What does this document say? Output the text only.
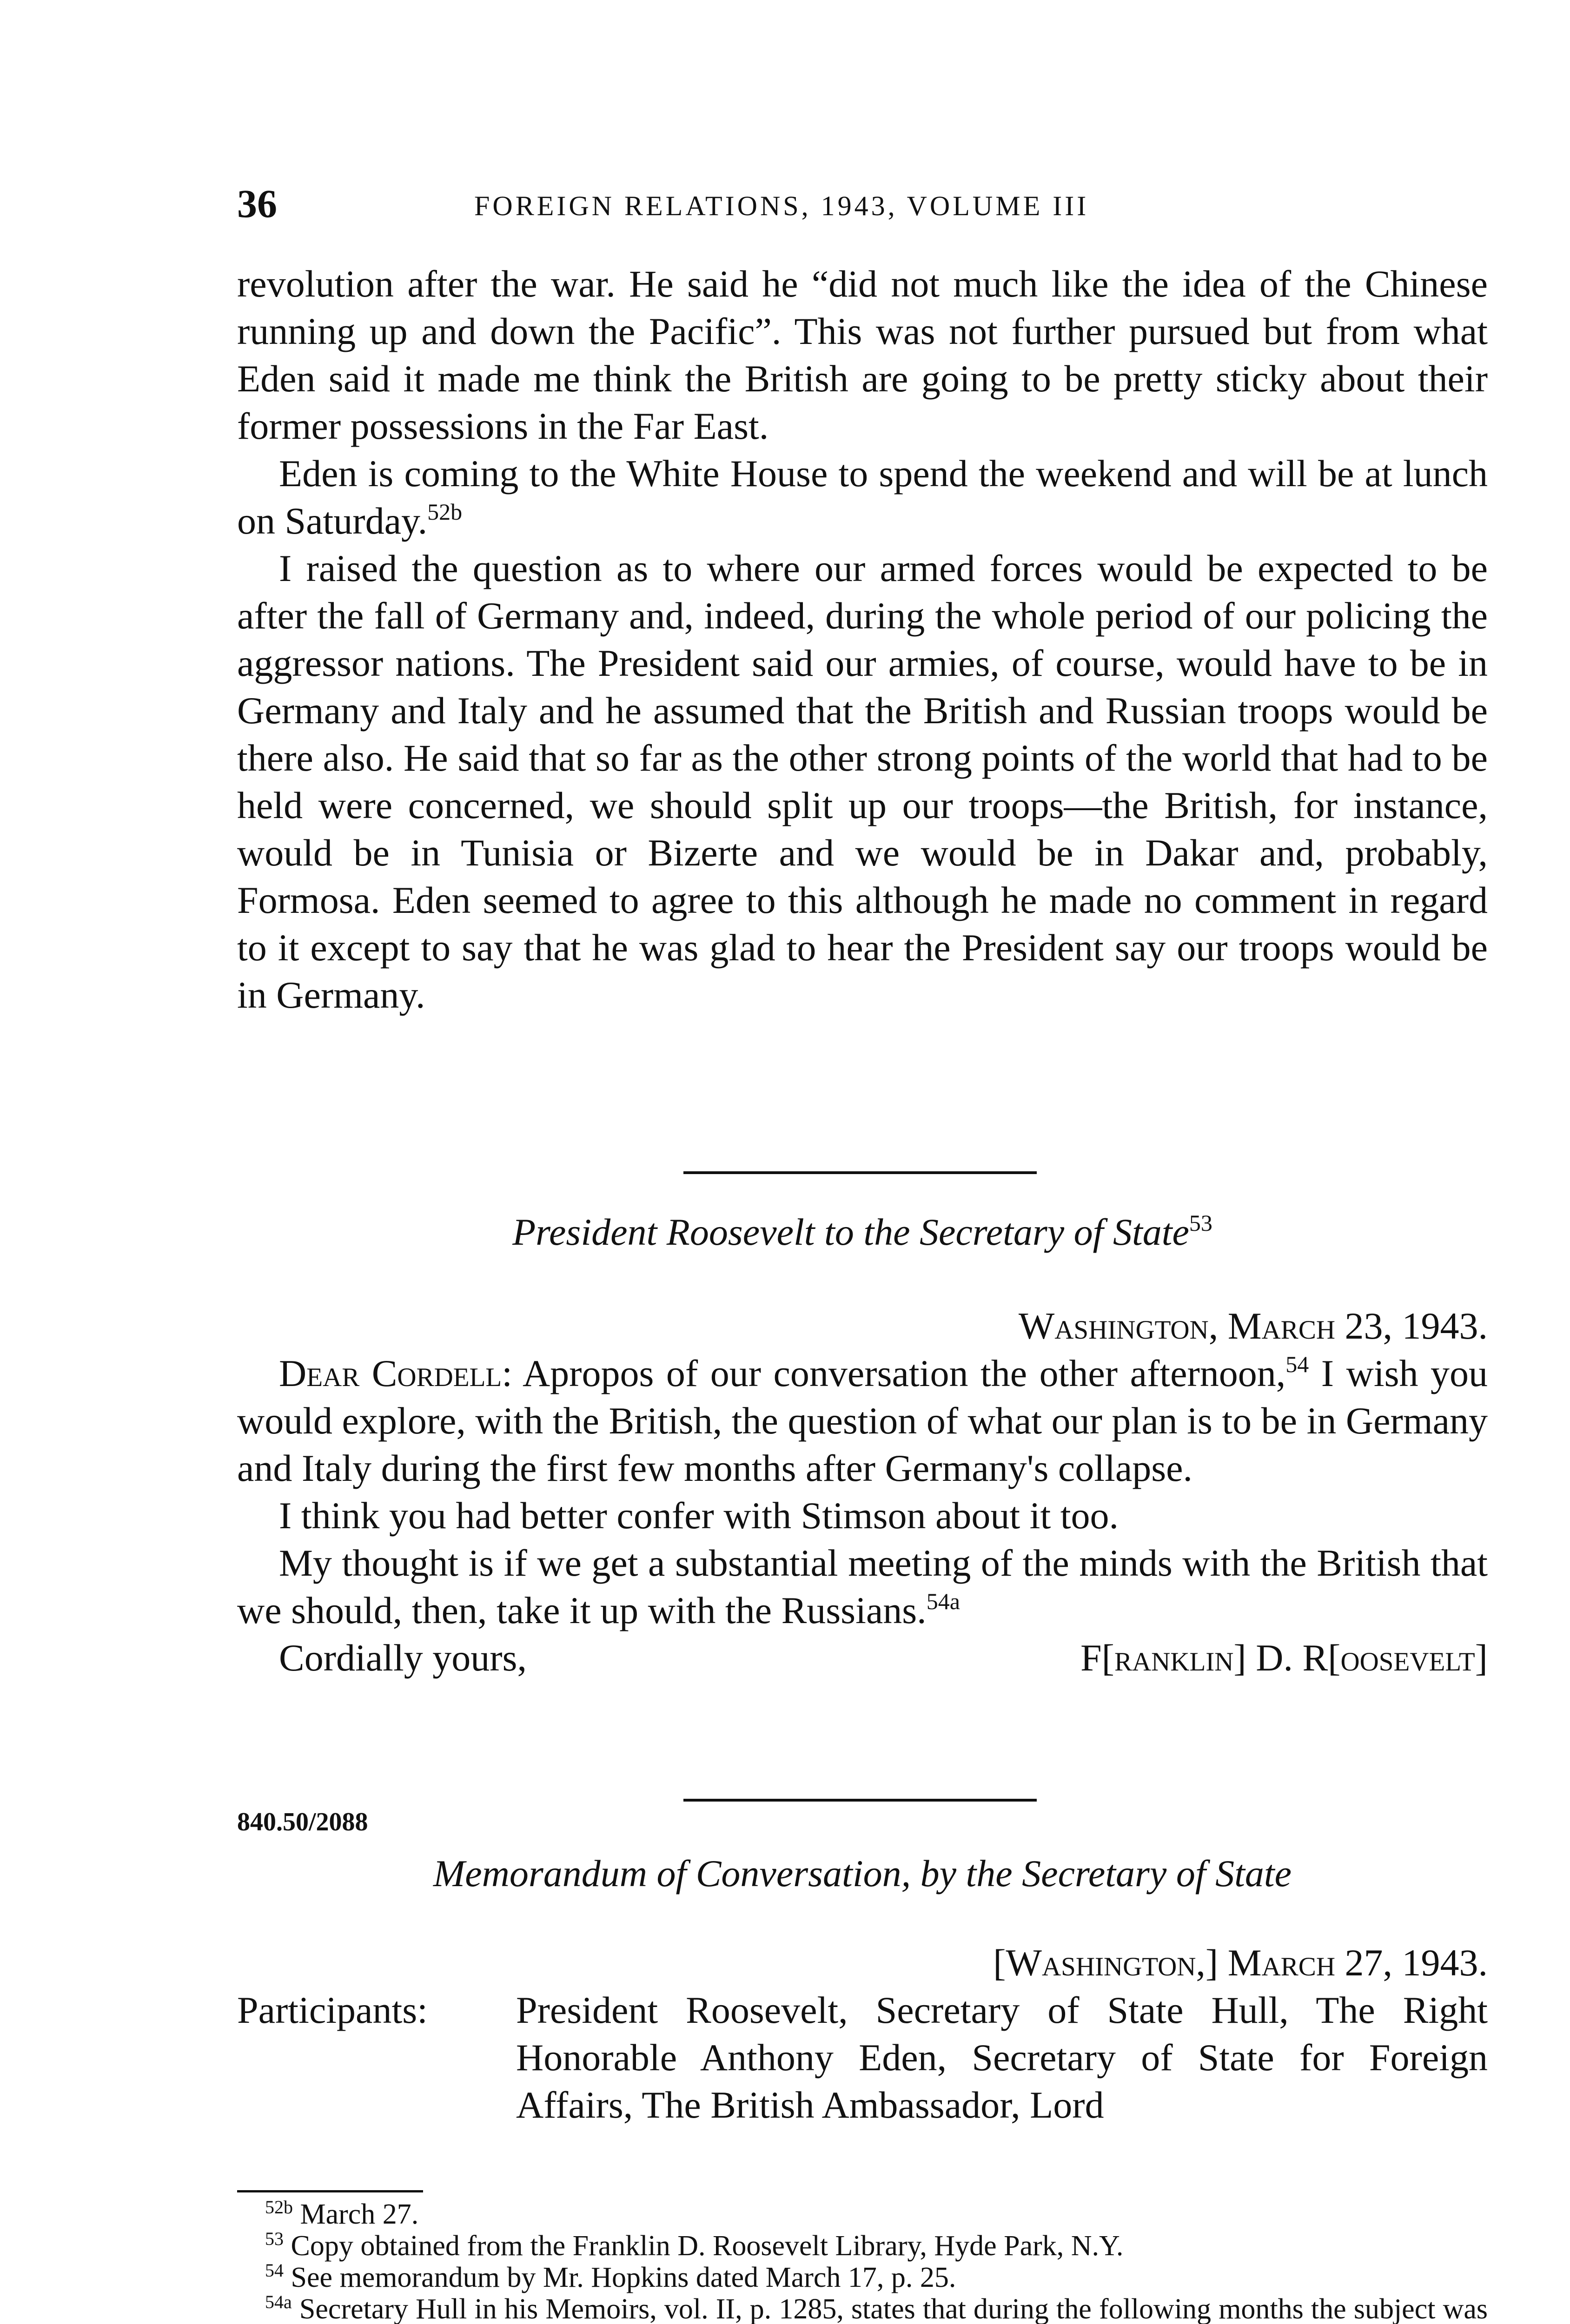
36	FOREIGN RELATIONS, 1943, VOLUME III

revolution after the war. He said he “did not much like the idea of the Chinese running up and down the Pacific”. This was not further pursued but from what Eden said it made me think the British are going to be pretty sticky about their former possessions in the Far East.

Eden is coming to the White House to spend the weekend and will be at lunch on Saturday.$^{52b}$

I raised the question as to where our armed forces would be expected to be after the fall of Germany and, indeed, during the whole period of our policing the aggressor nations. The President said our armies, of course, would have to be in Germany and Italy and he assumed that the British and Russian troops would be there also. He said that so far as the other strong points of the world that had to be held were concerned, we should split up our troops—the British, for instance, would be in Tunisia or Bizerte and we would be in Dakar and, probably, Formosa. Eden seemed to agree to this although he made no comment in regard to it except to say that he was glad to hear the President say our troops would be in Germany.

President Roosevelt to the Secretary of State$^{53}$

Washington, March 23, 1943.

Dear Cordell: Apropos of our conversation the other afternoon,$^{54}$ I wish you would explore, with the British, the question of what our plan is to be in Germany and Italy during the first few months after Germany's collapse.

I think you had better confer with Stimson about it too.

My thought is if we get a substantial meeting of the minds with the British that we should, then, take it up with the Russians.$^{54a}$

Cordially yours,	F[ranklin] D. R[oosevelt]

840.50/2088

Memorandum of Conversation, by the Secretary of State

[Washington,] March 27, 1943.

Participants:	President Roosevelt, Secretary of State Hull, The Right Honorable Anthony Eden, Secretary of State for Foreign Affairs, The British Ambassador, Lord

$^{52b}$ March 27.

$^{53}$ Copy obtained from the Franklin D. Roosevelt Library, Hyde Park, N.Y.

$^{54}$ See memorandum by Mr. Hopkins dated March 17, p. 25.

$^{54a}$ Secretary Hull in his Memoirs, vol. II, p. 1285, states that during the following months the subject was
